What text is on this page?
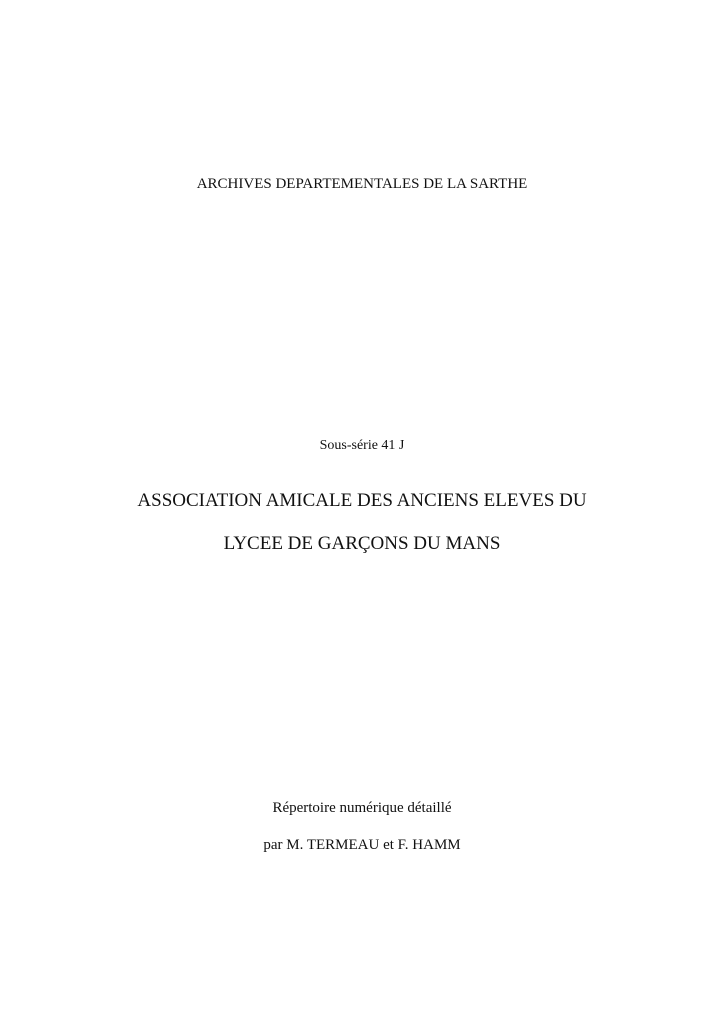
ARCHIVES DEPARTEMENTALES DE LA SARTHE
Sous-série 41 J
ASSOCIATION AMICALE DES ANCIENS ELEVES DU
LYCEE DE GARÇONS DU MANS
Répertoire numérique détaillé
par M. TERMEAU et F. HAMM
